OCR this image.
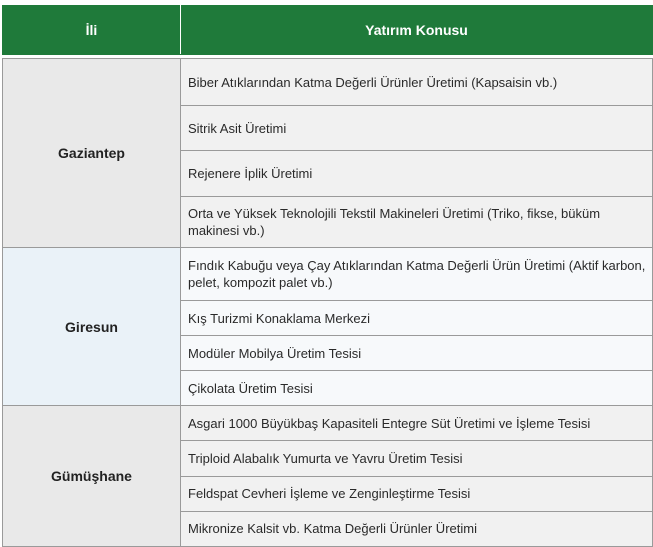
İli	Yatırım Konusu

Gaziantep	Biber Atıklarından Katma Değerli Ürünler Üretimi (Kapsaisin vb.)
	Sitrik Asit Üretimi
	Rejenere İplik Üretimi
	Orta ve Yüksek Teknolojili Tekstil Makineleri Üretimi (Triko, fikse, büküm makinesi vb.)
Giresun	Fındık Kabuğu veya Çay Atıklarından Katma Değerli Ürün Üretimi (Aktif karbon, pelet, kompozit palet vb.)
	Kış Turizmi Konaklama Merkezi
	Modüler Mobilya Üretim Tesisi
	Çikolata Üretim Tesisi
Gümüşhane	Asgari 1000 Büyükbaş Kapasiteli Entegre Süt Üretimi ve İşleme Tesisi
	Triploid Alabalık Yumurta ve Yavru Üretim Tesisi
	Feldspat Cevheri İşleme ve Zenginleştirme Tesisi
	Mikronize Kalsit vb. Katma Değerli Ürünler Üretimi
